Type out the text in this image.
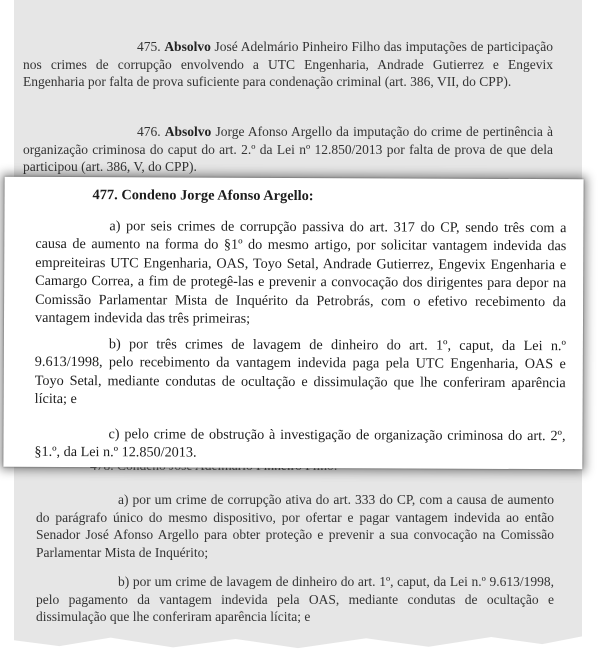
475. Absolvo José Adelmário Pinheiro Filho das imputações de participação nos crimes de corrupção envolvendo a UTC Engenharia, Andrade Gutierrez e Engevix Engenharia por falta de prova suficiente para condenação criminal (art. 386, VII, do CPP).
476. Absolvo Jorge Afonso Argello da imputação do crime de pertinência à organização criminosa do caput do art. 2.º da Lei nº 12.850/2013 por falta de prova de que dela participou (art. 386, V, do CPP).

a) por um crime de corrupção ativa do art. 333 do CP, com a causa de aumento do parágrafo único do mesmo dispositivo, por ofertar e pagar vantagem indevida ao então Senador José Afonso Argello para obter proteção e prevenir a sua convocação na Comissão Parlamentar Mista de Inquérito;

b) por um crime de lavagem de dinheiro do art. 1º, caput, da Lei n.º 9.613/1998, pelo pagamento da vantagem indevida pela OAS, mediante condutas de ocultação e dissimulação que lhe conferiram aparência lícita; e

477. Condeno Jorge Afonso Argello:

a) por seis crimes de corrupção passiva do art. 317 do CP, sendo três com a causa de aumento na forma do §1º do mesmo artigo, por solicitar vantagem indevida das empreiteiras UTC Engenharia, OAS, Toyo Setal, Andrade Gutierrez, Engevix Engenharia e Camargo Correa, a fim de protegê-las e prevenir a convocação dos dirigentes para depor na Comissão Parlamentar Mista de Inquérito da Petrobrás, com o efetivo recebimento da vantagem indevida das três primeiras;

b) por três crimes de lavagem de dinheiro do art. 1º, caput, da Lei n.º 9.613/1998, pelo recebimento da vantagem indevida paga pela UTC Engenharia, OAS e Toyo Setal, mediante condutas de ocultação e dissimulação que lhe conferiram aparência lícita; e

c) pelo crime de obstrução à investigação de organização criminosa do art. 2º, §1.º, da Lei n.º 12.850/2013.
